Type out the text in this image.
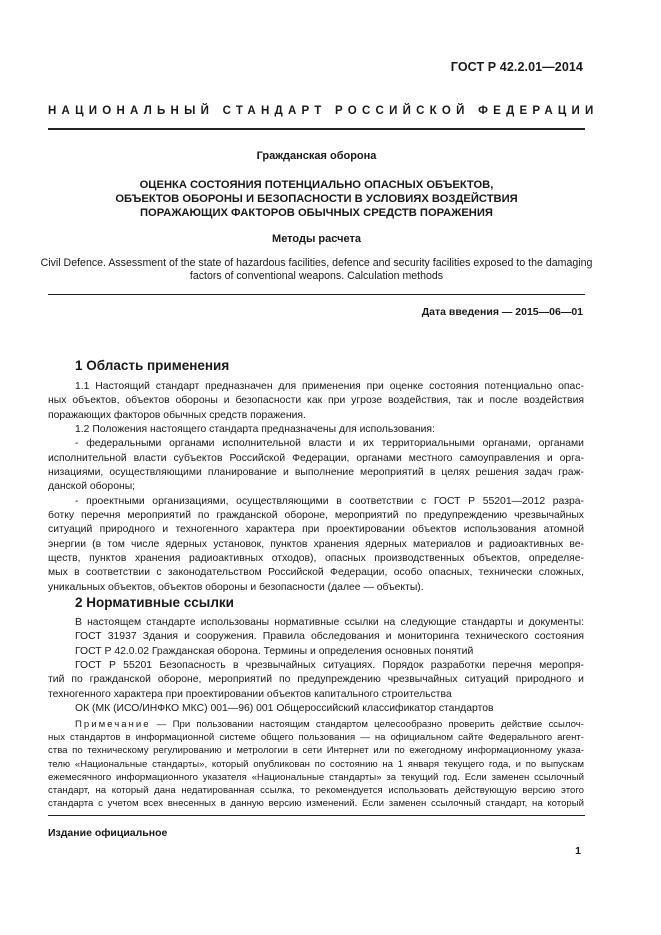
ГОСТ Р 42.2.01—2014
НАЦИОНАЛЬНЫЙ СТАНДАРТ РОССИЙСКОЙ ФЕДЕРАЦИИ
Гражданская оборона
ОЦЕНКА СОСТОЯНИЯ ПОТЕНЦИАЛЬНО ОПАСНЫХ ОБЪЕКТОВ,
ОБЪЕКТОВ ОБОРОНЫ И БЕЗОПАСНОСТИ В УСЛОВИЯХ ВОЗДЕЙСТВИЯ
ПОРАЖАЮЩИХ ФАКТОРОВ ОБЫЧНЫХ СРЕДСТВ ПОРАЖЕНИЯ
Методы расчета
Civil Defence. Assessment of the state of hazardous facilities, defence and security facilities exposed to the damaging
factors of conventional weapons. Calculation methods
Дата введения — 2015—06—01
1 Область применения
1.1 Настоящий стандарт предназначен для применения при оценке состояния потенциально опас-
ных объектов, объектов обороны и безопасности как при угрозе воздействия, так и после воздействия
поражающих факторов обычных средств поражения.
1.2 Положения настоящего стандарта предназначены для использования:
- федеральными органами исполнительной власти и их территориальными органами, органами
исполнительной власти субъектов Российской Федерации, органами местного самоуправления и орга-
низациями, осуществляющими планирование и выполнение мероприятий в целях решения задач граж-
данской обороны;
- проектными организациями, осуществляющими в соответствии с ГОСТ Р 55201—2012 разра-
ботку перечня мероприятий по гражданской обороне, мероприятий по предупреждению чрезвычайных
ситуаций природного и техногенного характера при проектировании объектов использования атомной
энергии (в том числе ядерных установок, пунктов хранения ядерных материалов и радиоактивных ве-
ществ, пунктов хранения радиоактивных отходов), опасных производственных объектов, определяе-
мых в соответствии с законодательством Российской Федерации, особо опасных, технически сложных,
уникальных объектов, объектов обороны и безопасности (далее — объекты).
2 Нормативные ссылки
В настоящем стандарте использованы нормативные ссылки на следующие стандарты и документы:
ГОСТ 31937 Здания и сооружения. Правила обследования и мониторинга технического состояния
ГОСТ Р 42.0.02 Гражданская оборона. Термины и определения основных понятий
ГОСТ Р 55201 Безопасность в чрезвычайных ситуациях. Порядок разработки перечня меропря-
тий по гражданской обороне, мероприятий по предупреждению чрезвычайных ситуаций природного и
техногенного характера при проектировании объектов капитального строительства
ОК (МК (ИСО/ИНФКО МКС) 001—96) 001 Общероссийский классификатор стандартов
Примечание — При пользовании настоящим стандартом целесообразно проверить действие ссылоч-
ных стандартов в информационной системе общего пользования — на официальном сайте Федерального агент-
ства по техническому регулированию и метрологии в сети Интернет или по ежегодному информационному указа-
телю «Национальные стандарты», который опубликован по состоянию на 1 января текущего года, и по выпускам
ежемесячного информационного указателя «Национальные стандарты» за текущий год. Если заменен ссылочный
стандарт, на который дана недатированная ссылка, то рекомендуется использовать действующую версию этого
стандарта с учетом всех внесенных в данную версию изменений. Если заменен ссылочный стандарт, на который
Издание официальное
1
